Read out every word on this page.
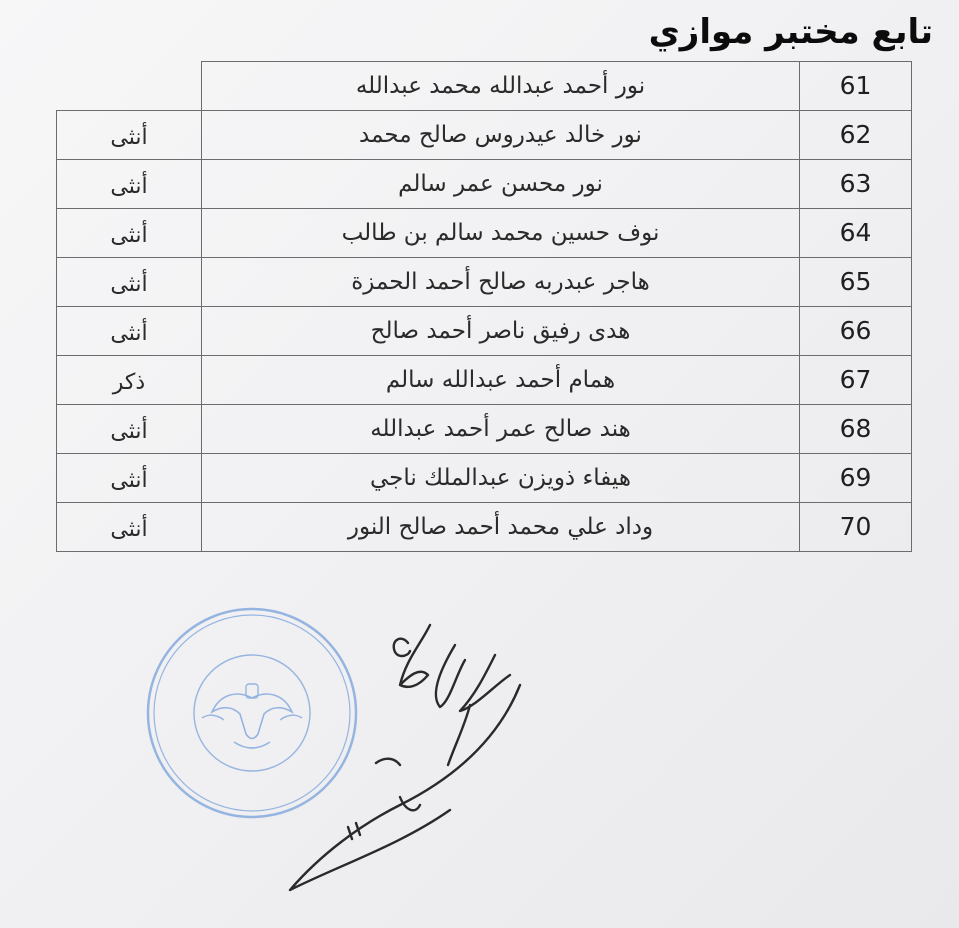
تابع مختبر موازي
	نور أحمد عبدالله محمد عبدالله	61
أنثى	نور خالد عيدروس صالح محمد	62
أنثى	نور محسن عمر سالم	63
أنثى	نوف حسين محمد سالم بن طالب	64
أنثى	هاجر عبدربه صالح أحمد الحمزة	65
أنثى	هدى رفيق ناصر أحمد صالح	66
ذكر	همام أحمد عبدالله سالم	67
أنثى	هند صالح عمر أحمد عبدالله	68
أنثى	هيفاء ذويزن عبدالملك ناجي	69
أنثى	وداد علي محمد أحمد صالح النور	70
